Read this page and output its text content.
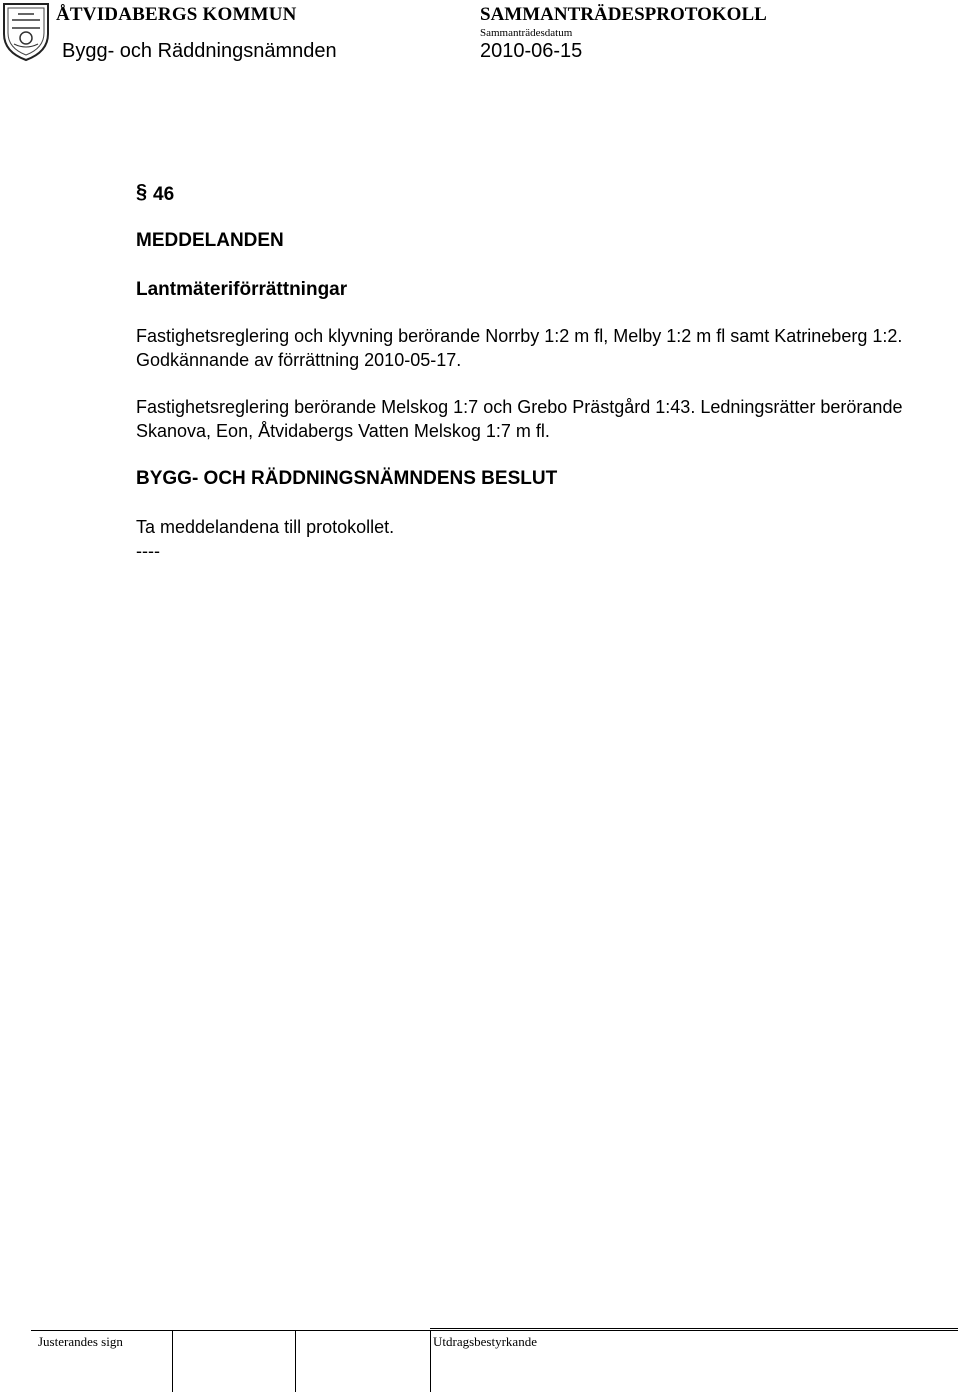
ÅTVIDABERGS KOMMUN
Bygg- och Räddningsnämnden
SAMMANTRÄDESPROTOKOLL
Sammanträdesdatum
2010-06-15
§ 46
MEDDELANDEN
Lantmäteriförrättningar
Fastighetsreglering och klyvning berörande Norrby 1:2 m fl, Melby 1:2 m fl samt Katrineberg 1:2. Godkännande av förrättning 2010-05-17.
Fastighetsreglering berörande Melskog 1:7 och Grebo Prästgård 1:43. Ledningsrätter berörande Skanova, Eon, Åtvidabergs Vatten Melskog 1:7 m fl.
BYGG- OCH RÄDDNINGSNÄMNDENS BESLUT
Ta meddelandena till protokollet.
----
Justerandes sign	Utdragsbestyrkande
